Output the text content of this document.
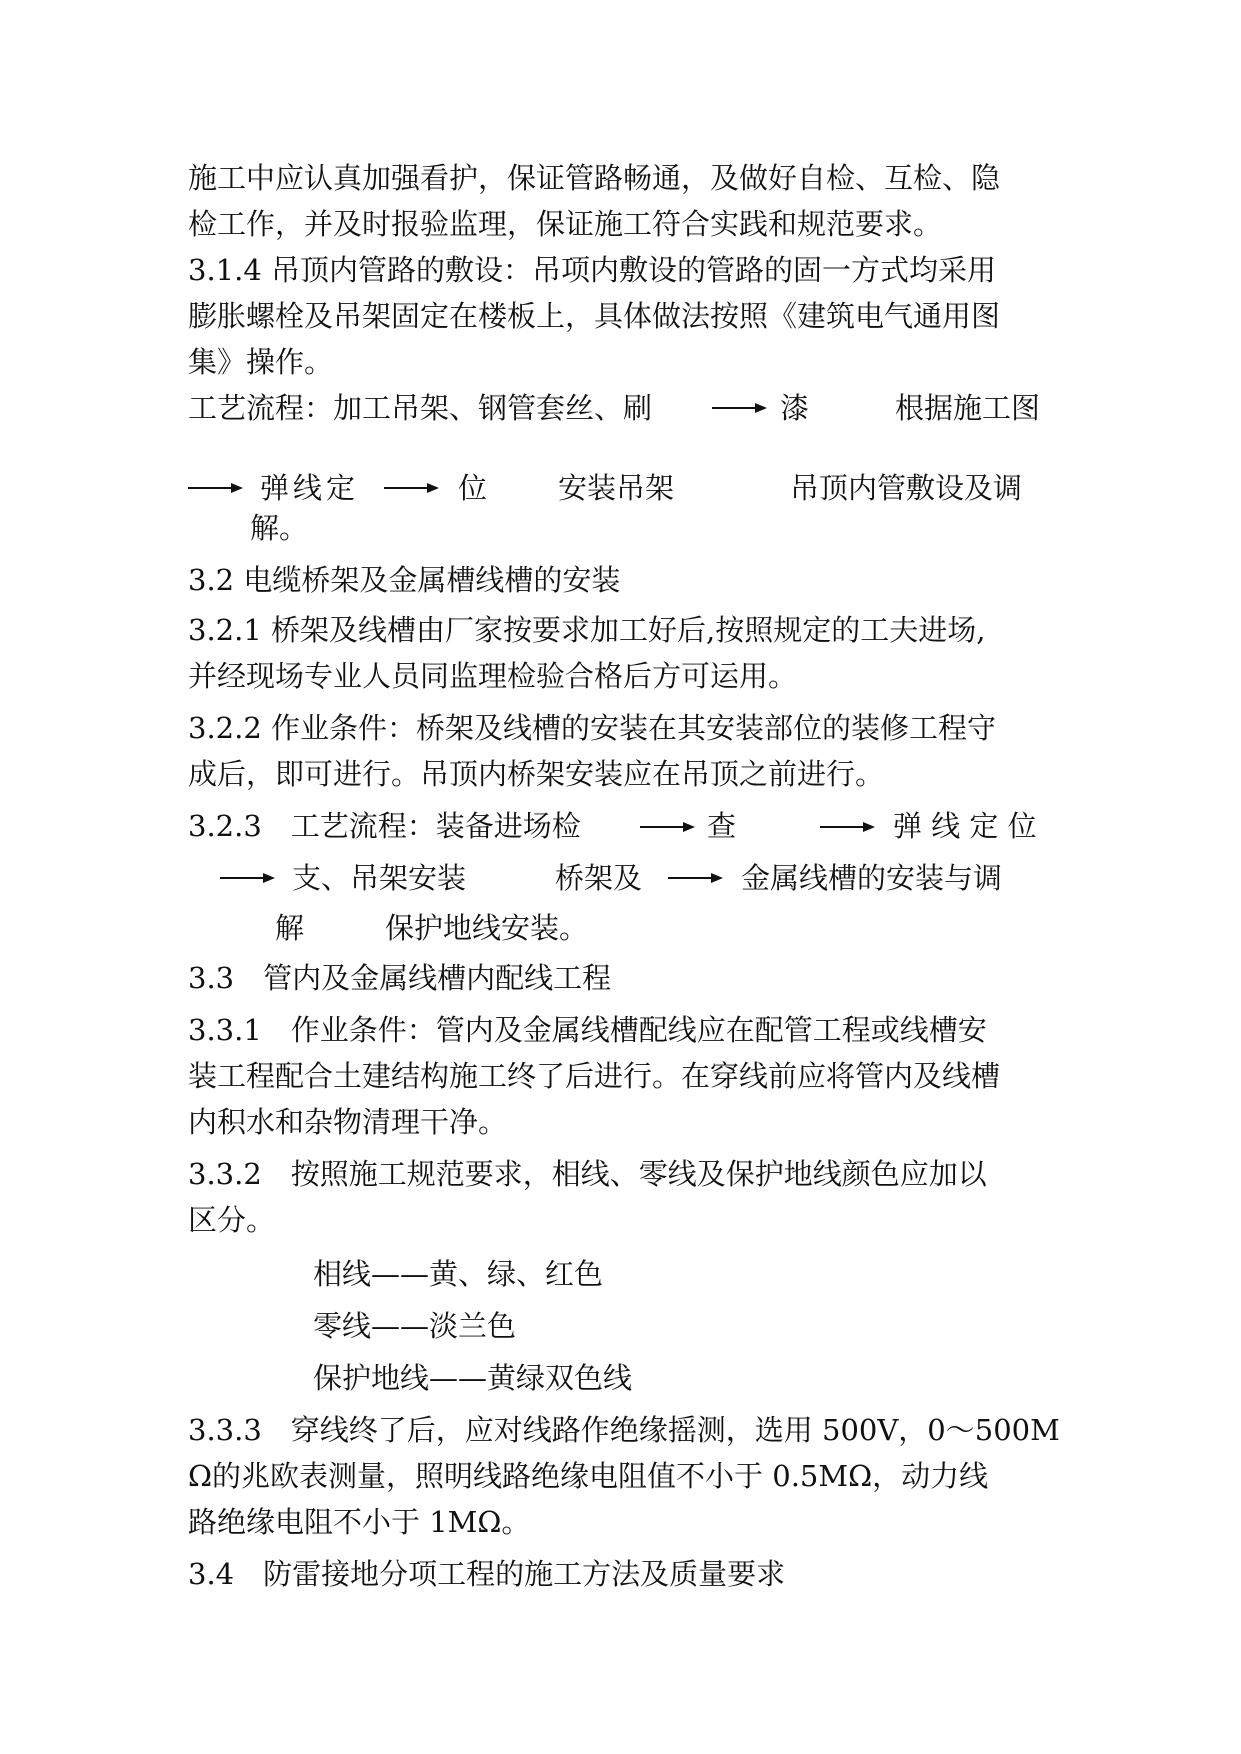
施工中应认真加强看护，保证管路畅通，及做好自检、互检、隐

检工作，并及时报验监理，保证施工符合实践和规范要求。

3.1.4 吊顶内管路的敷设：吊项内敷设的管路的固一方式均采用

膨胀螺栓及吊架固定在楼板上，具体做法按照《建筑电气通用图

集》操作。

工艺流程：加工吊架、钢管套丝、刷	漆	根据施工图
弹线定	位 安装吊架	吊顶内管敷设及调
解。

3.2 电缆桥架及金属槽线槽的安装

3.2.1 桥架及线槽由厂家按要求加工好后,按照规定的工夫进场,

并经现场专业人员同监理检验合格后方可运用。

3.2.2 作业条件：桥架及线槽的安装在其安装部位的装修工程守

成后，即可进行。吊顶内桥架安装应在吊顶之前进行。

3.2.3　工艺流程：装备进场检	查	弹 线 定 位
支、吊架安装	桥架及	金属线槽的安装与调
解	保护地线安装。

3.3　管内及金属线槽内配线工程

3.3.1　作业条件：管内及金属线槽配线应在配管工程或线槽安

装工程配合土建结构施工终了后进行。在穿线前应将管内及线槽

内积水和杂物清理干净。

3.3.2　按照施工规范要求，相线、零线及保护地线颜色应加以

区分。

相线——黄、绿、红色

零线——淡兰色

保护地线——黄绿双色线

3.3.3　穿线终了后，应对线路作绝缘摇测，选用 500V，0～500M

Ω的兆欧表测量，照明线路绝缘电阻值不小于 0.5MΩ，动力线

路绝缘电阻不小于 1MΩ。

3.4　防雷接地分项工程的施工方法及质量要求
